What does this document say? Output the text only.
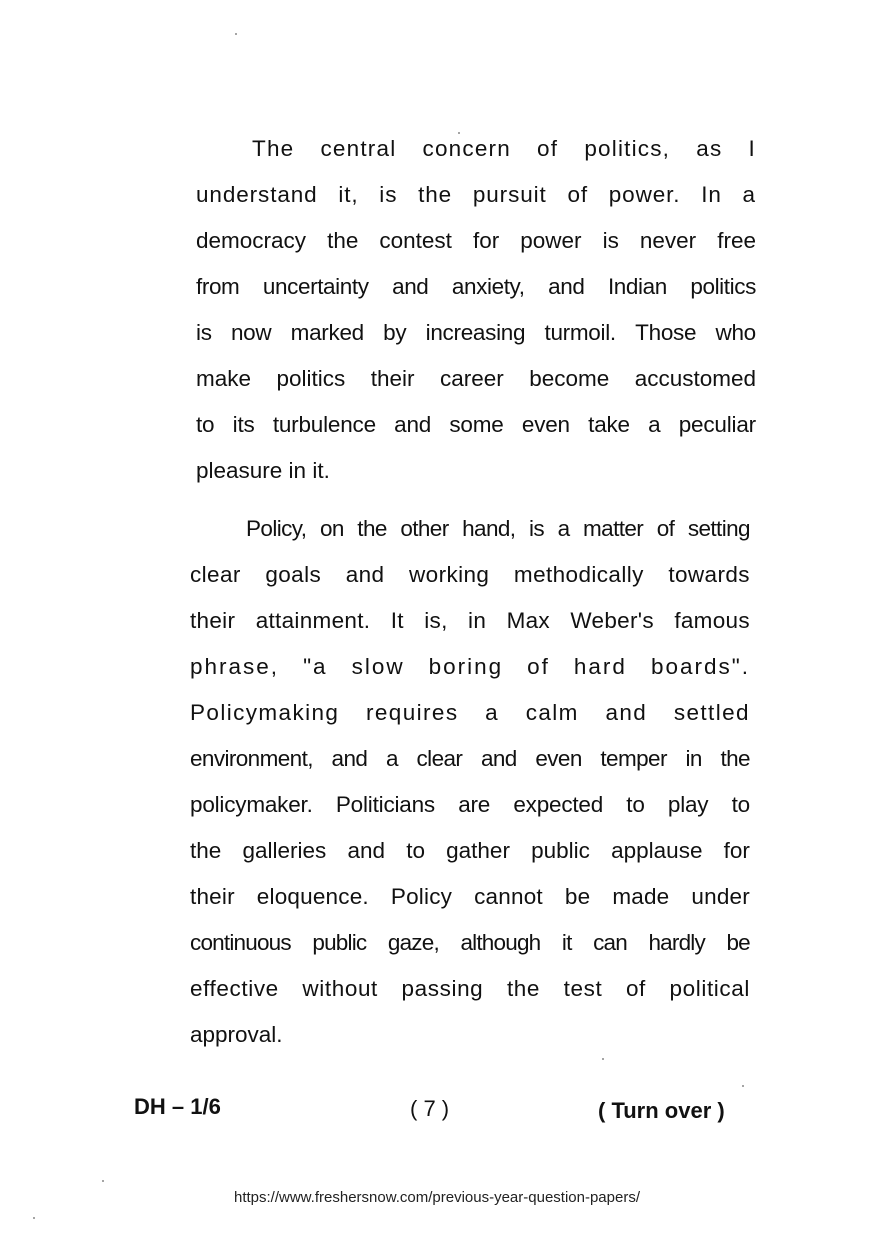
The central concern of politics, as I
understand it, is the pursuit of power. In a
democracy the contest for power is never free
from uncertainty and anxiety, and Indian politics
is now marked by increasing turmoil. Those who
make politics their career become accustomed
to its turbulence and some even take a peculiar
pleasure in it.
Policy, on the other hand, is a matter of setting
clear goals and working methodically towards
their attainment. It is, in Max Weber's famous
phrase, "a slow boring of hard boards".
Policymaking requires a calm and settled
environment, and a clear and even temper in the
policymaker. Politicians are expected to play to
the galleries and to gather public applause for
their eloquence. Policy cannot be made under
continuous public gaze, although it can hardly be
effective without passing the test of political
approval.
DH – 1/6	( 7 )	( Turn over )
https://www.freshersnow.com/previous-year-question-papers/
